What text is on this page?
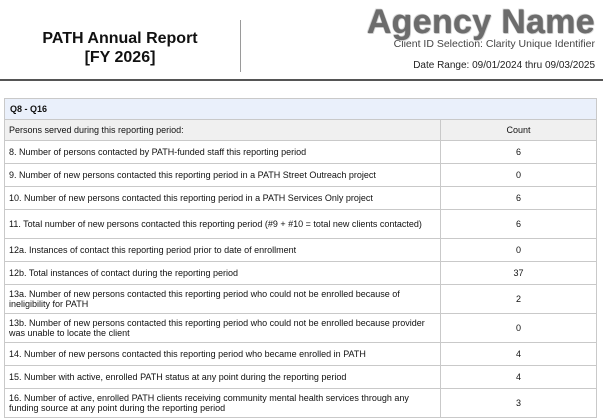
PATH Annual Report
[FY 2026]
Client ID Selection: Clarity Unique Identifier
Agency Name
Date Range: 09/01/2024 thru 09/03/2025
Q8 - Q16	
Persons served during this reporting period:	Count
8. Number of persons contacted by PATH-funded staff this reporting period	6
9. Number of new persons contacted this reporting period in a PATH Street Outreach project	0
10. Number of new persons contacted this reporting period in a PATH Services Only project	6
11. Total number of new persons contacted this reporting period (#9 + #10 = total new clients contacted)	6
12a. Instances of contact this reporting period prior to date of enrollment	0
12b. Total instances of contact during the reporting period	37
13a. Number of new persons contacted this reporting period who could not be enrolled because of ineligibility for PATH	2
13b. Number of new persons contacted this reporting period who could not be enrolled because provider was unable to locate the client	0
14. Number of new persons contacted this reporting period who became enrolled in PATH	4
15. Number with active, enrolled PATH status at any point during the reporting period	4
16. Number of active, enrolled PATH clients receiving community mental health services through any funding source at any point during the reporting period	3
